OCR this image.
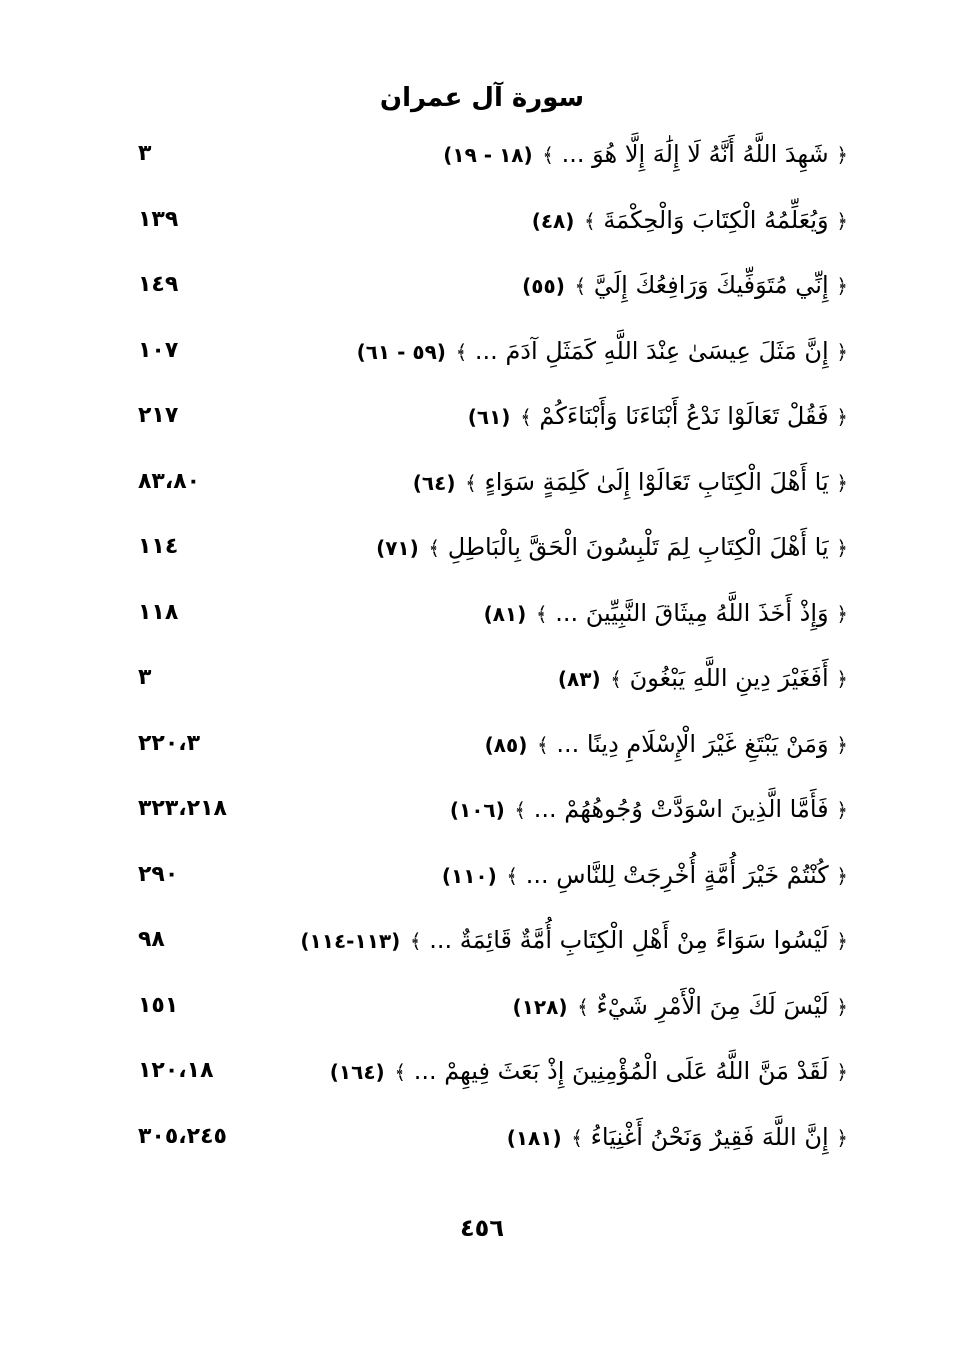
سورة آل عمران
﴿ شَهِدَ اللَّهُ أَنَّهُ لَا إِلَٰهَ إِلَّا هُوَ ... ﴾ (١٨ - ١٩)
٣
﴿ وَيُعَلِّمُهُ الْكِتَابَ وَالْحِكْمَةَ ﴾ (٤٨)
١٣٩
﴿ إِنِّي مُتَوَفِّيكَ وَرَافِعُكَ إِلَيَّ ﴾ (٥٥)
١٤٩
﴿ إِنَّ مَثَلَ عِيسَىٰ عِنْدَ اللَّهِ كَمَثَلِ آدَمَ ... ﴾ (٥٩ - ٦١)
١٠٧
﴿ فَقُلْ تَعَالَوْا نَدْعُ أَبْنَاءَنَا وَأَبْنَاءَكُمْ ﴾ (٦١)
٢١٧
﴿ يَا أَهْلَ الْكِتَابِ تَعَالَوْا إِلَىٰ كَلِمَةٍ سَوَاءٍ ﴾ (٦٤)
٨٣،٨٠
﴿ يَا أَهْلَ الْكِتَابِ لِمَ تَلْبِسُونَ الْحَقَّ بِالْبَاطِلِ ﴾ (٧١)
١١٤
﴿ وَإِذْ أَخَذَ اللَّهُ مِيثَاقَ النَّبِيِّينَ ... ﴾ (٨١)
١١٨
﴿ أَفَغَيْرَ دِينِ اللَّهِ يَبْغُونَ ﴾ (٨٣)
٣
﴿ وَمَنْ يَبْتَغِ غَيْرَ الْإِسْلَامِ دِينًا ... ﴾ (٨٥)
٢٢٠،٣
﴿ فَأَمَّا الَّذِينَ اسْوَدَّتْ وُجُوهُهُمْ ... ﴾ (١٠٦)
٣٢٣،٢١٨
﴿ كُنْتُمْ خَيْرَ أُمَّةٍ أُخْرِجَتْ لِلنَّاسِ ... ﴾ (١١٠)
٢٩٠
﴿ لَيْسُوا سَوَاءً مِنْ أَهْلِ الْكِتَابِ أُمَّةٌ قَائِمَةٌ ... ﴾ (١١٣-١١٤)
٩٨
﴿ لَيْسَ لَكَ مِنَ الْأَمْرِ شَيْءٌ ﴾ (١٢٨)
١٥١
﴿ لَقَدْ مَنَّ اللَّهُ عَلَى الْمُؤْمِنِينَ إِذْ بَعَثَ فِيهِمْ ... ﴾ (١٦٤)
١٢٠،١٨
﴿ إِنَّ اللَّهَ فَقِيرٌ وَنَحْنُ أَغْنِيَاءُ ﴾ (١٨١)
٣٠٥،٢٤٥
٤٥٦
